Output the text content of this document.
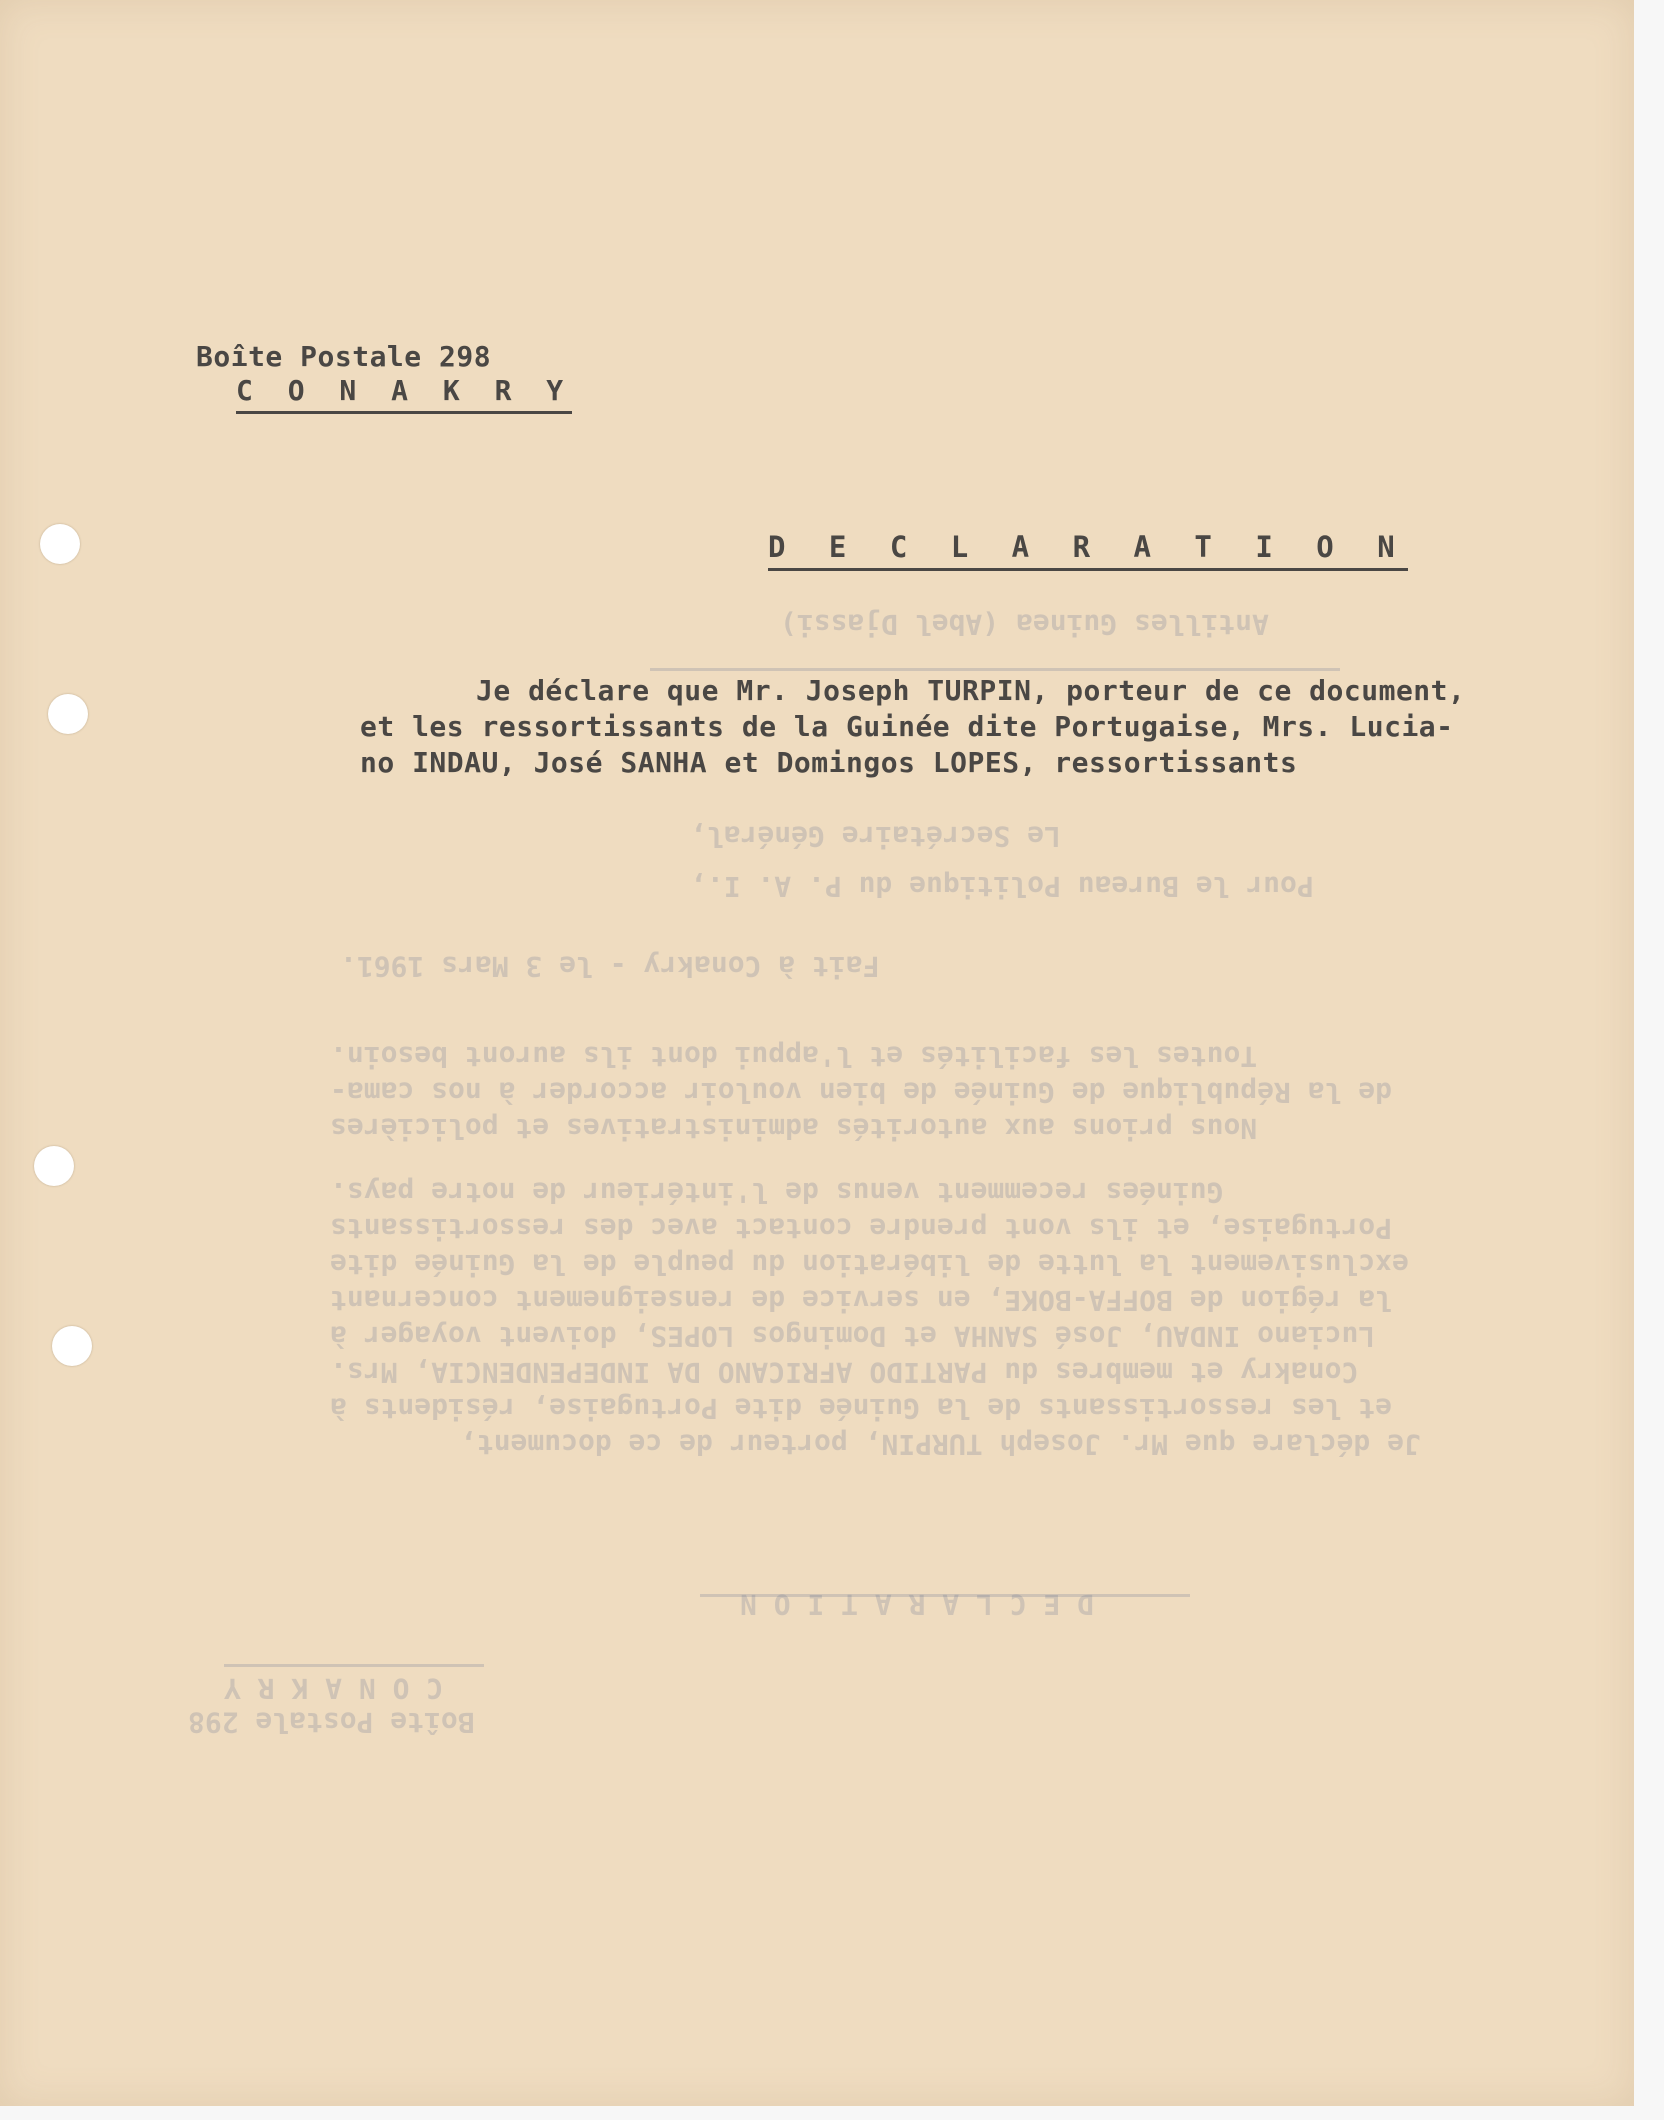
Antilles Guinea (Abel Djassi)
Le Secrétaire Général,
Pour le Bureau Politique du P. A. I.,
Fait à Conakry - le 3 Mars 1961.
Toutes les facilités et l'appui dont ils auront besoin.
de la République de Guinée de bien vouloir accorder à nos cama-
Nous prions aux autorités administratives et policières
Guinées recemment venus de l'intérieur de notre pays.
Portugaise, et ils vont prendre contact avec des ressortissants
exclusivement la lutte de libération du peuple de la Guinée dite
la région de BOFFA-BOKE, en service de renseignement concernant
Luciano INDAU, José SANHA et Domingos LOPES, doivent voyager à
Conakry et membres du PARTIDO AFRICANO DA INDEPENDENCIA, Mrs.
et les ressortissants de la Guinée dite Portugaise, résidents à
Je déclare que Mr. Joseph TURPIN, porteur de ce document,
D E C L A R A T I O N
C O N A K R Y
Boîte Postale 298
Boîte Postale 298
C O N A K R Y
D E C L A R A T I O N
Je déclare que Mr. Joseph TURPIN, porteur de ce document,
et les ressortissants de la Guinée dite Portugaise, Mrs. Lucia-
no INDAU, José SANHA et Domingos LOPES, ressortissants
